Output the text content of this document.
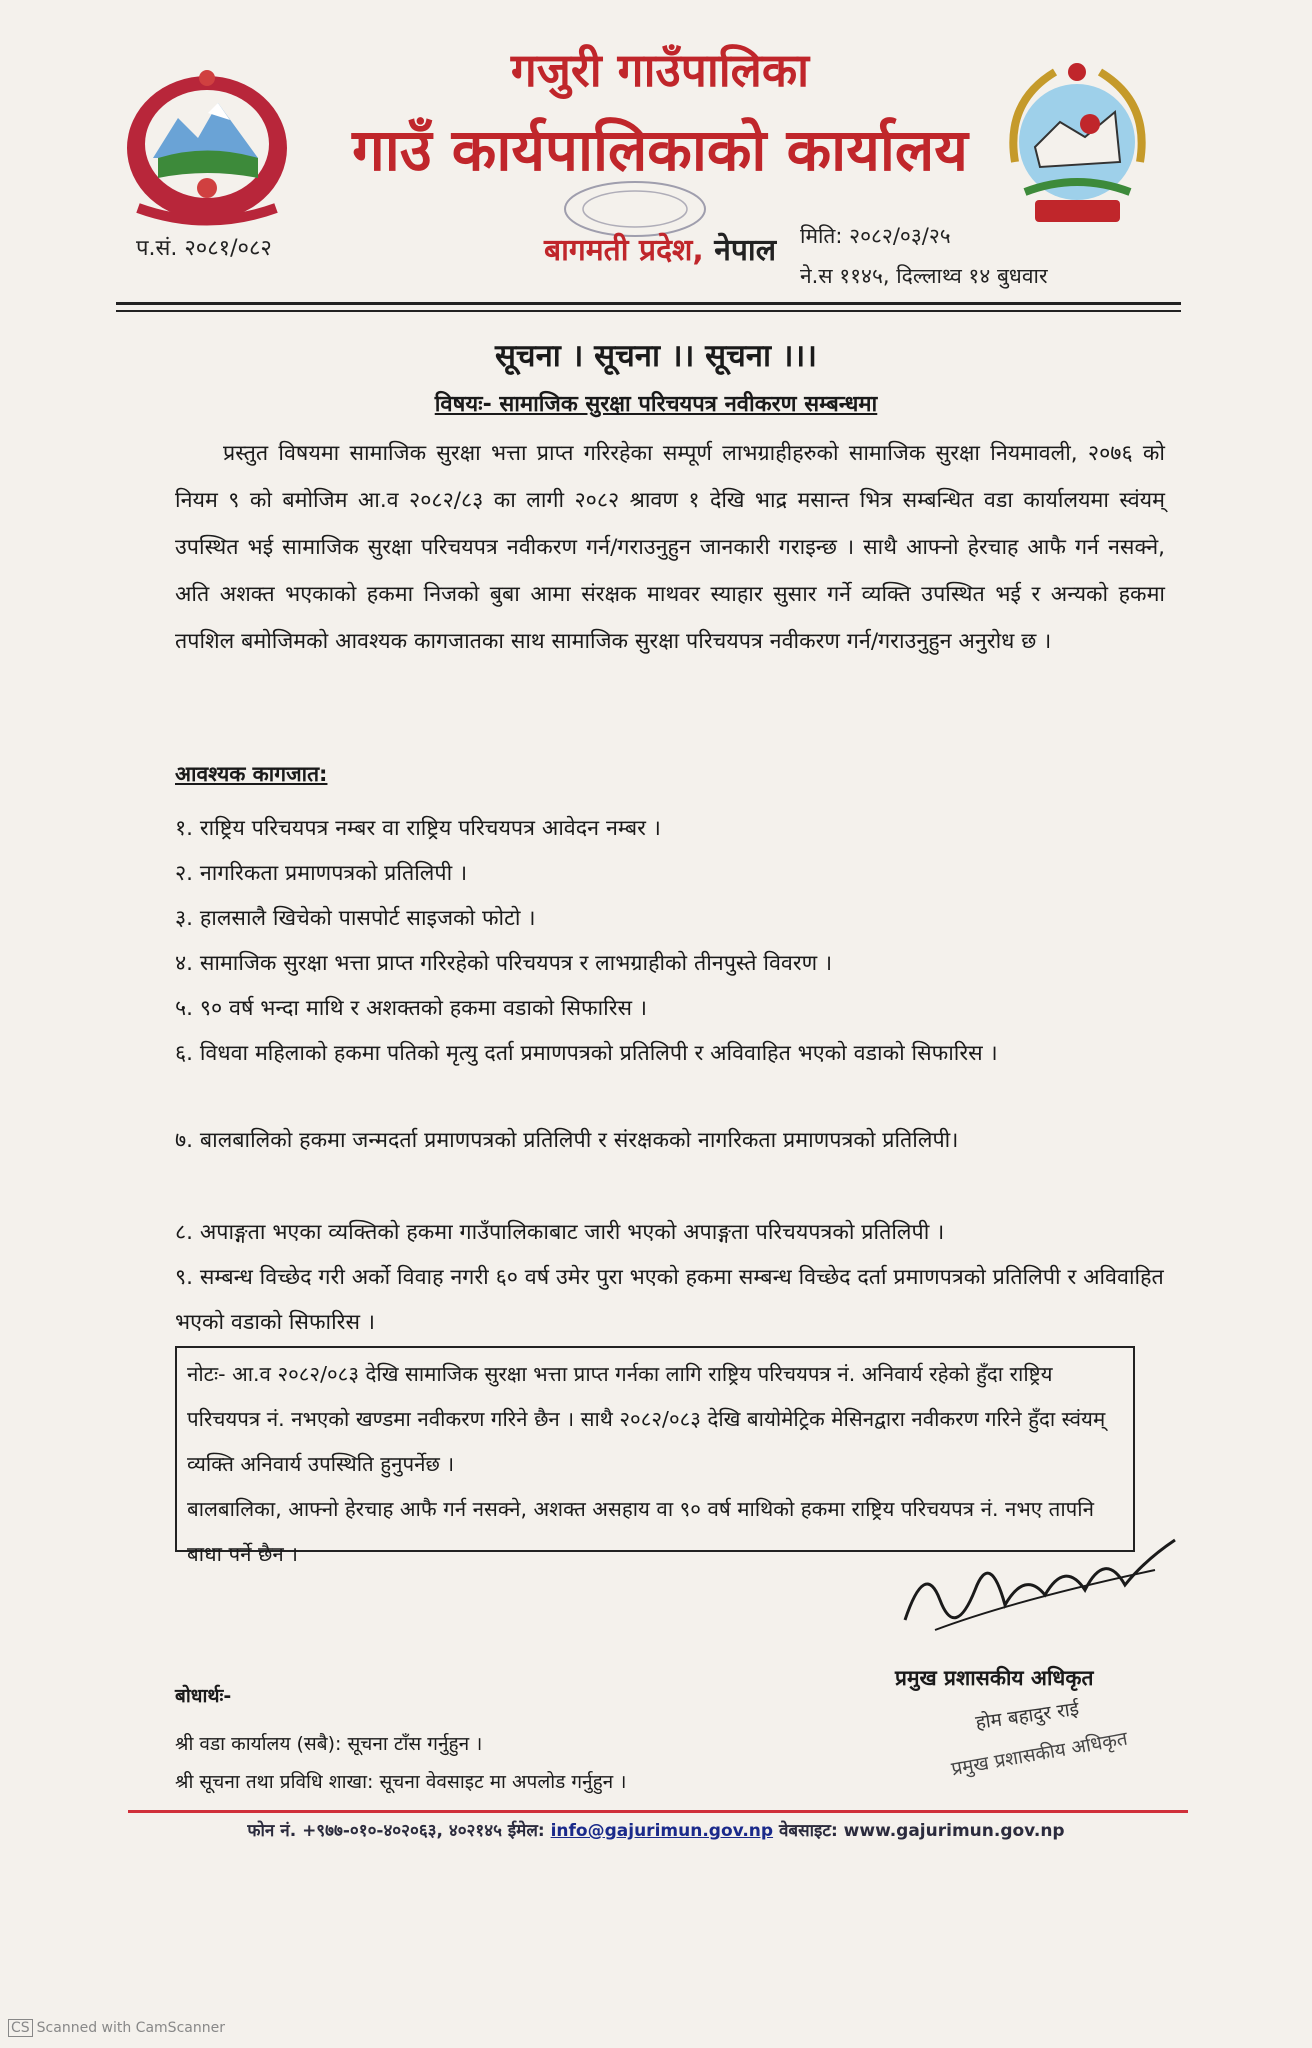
गजुरी गाउँपालिका
गाउँ कार्यपालिकाको कार्यालय
बागमती प्रदेश, नेपाल
प.सं. २०८१/०८२	मिति: २०८२/०३/२५
ने.स ११४५, दिल्लाथ्व १४ बुधवार
सूचना । सूचना ।। सूचना ।।।
विषयः- सामाजिक सुरक्षा परिचयपत्र नवीकरण सम्बन्धमा
प्रस्तुत विषयमा सामाजिक सुरक्षा भत्ता प्राप्त गरिरहेका सम्पूर्ण लाभग्राहीहरुको सामाजिक सुरक्षा नियमावली, २०७६ को नियम ९ को बमोजिम आ.व २०८२/८३ का लागी २०८२ श्रावण १ देखि भाद्र मसान्त भित्र सम्बन्धित वडा कार्यालयमा स्वंयम् उपस्थित भई सामाजिक सुरक्षा परिचयपत्र नवीकरण गर्न/गराउनुहुन जानकारी गराइन्छ । साथै आफ्नो हेरचाह आफै गर्न नसक्ने, अति अशक्त भएकाको हकमा निजको बुबा आमा संरक्षक माथवर स्याहार सुसार गर्ने व्यक्ति उपस्थित भई र अन्यको हकमा तपशिल बमोजिमको आवश्यक कागजातका साथ सामाजिक सुरक्षा परिचयपत्र नवीकरण गर्न/गराउनुहुन अनुरोध छ ।
आवश्यक कागजात:
१. राष्ट्रिय परिचयपत्र नम्बर वा राष्ट्रिय परिचयपत्र आवेदन नम्बर ।
२. नागरिकता प्रमाणपत्रको प्रतिलिपी ।
३. हालसालै खिचेको पासपोर्ट साइजको फोटो ।
४. सामाजिक सुरक्षा भत्ता प्राप्त गरिरहेको परिचयपत्र र लाभग्राहीको तीनपुस्ते विवरण ।
५. ९० वर्ष भन्दा माथि र अशक्तको हकमा वडाको सिफारिस ।
६. विधवा महिलाको हकमा पतिको मृत्यु दर्ता प्रमाणपत्रको प्रतिलिपी र अविवाहित भएको वडाको सिफारिस ।
७. बालबालिको हकमा जन्मदर्ता प्रमाणपत्रको प्रतिलिपी र संरक्षकको नागरिकता प्रमाणपत्रको प्रतिलिपी।
८. अपाङ्गता भएका व्यक्तिको हकमा गाउँपालिकाबाट जारी भएको अपाङ्गता परिचयपत्रको प्रतिलिपी ।
९. सम्बन्ध विच्छेद गरी अर्को विवाह नगरी ६० वर्ष उमेर पुरा भएको हकमा सम्बन्ध विच्छेद दर्ता प्रमाणपत्रको प्रतिलिपी र अविवाहित भएको वडाको सिफारिस ।
नोटः- आ.व २०८२/०८३ देखि सामाजिक सुरक्षा भत्ता प्राप्त गर्नका लागि राष्ट्रिय परिचयपत्र नं. अनिवार्य रहेको हुँदा राष्ट्रिय परिचयपत्र नं. नभएको खण्डमा नवीकरण गरिने छैन । साथै २०८२/०८३ देखि बायोमेट्रिक मेसिनद्वारा नवीकरण गरिने हुँदा स्वंयम् व्यक्ति अनिवार्य उपस्थिति हुनुपर्नेछ ।
बालबालिका, आफ्नो हेरचाह आफै गर्न नसक्ने, अशक्त असहाय वा ९० वर्ष माथिको हकमा राष्ट्रिय परिचयपत्र नं. नभए तापनि बाधा पर्ने छैन ।
प्रमुख प्रशासकीय अधिकृत
होम बहादुर राई
प्रमुख प्रशासकीय अधिकृत
बोधार्थः-
श्री वडा कार्यालय (सबै): सूचना टाँस गर्नुहुन ।
श्री सूचना तथा प्रविधि शाखा: सूचना वेवसाइट मा अपलोड गर्नुहुन ।
फोन नं. +९७७-०१०-४०२०६३, ४०२१४५ ईमेल: info@gajurimun.gov.np वेबसाइट: www.gajurimun.gov.np
CS Scanned with CamScanner
